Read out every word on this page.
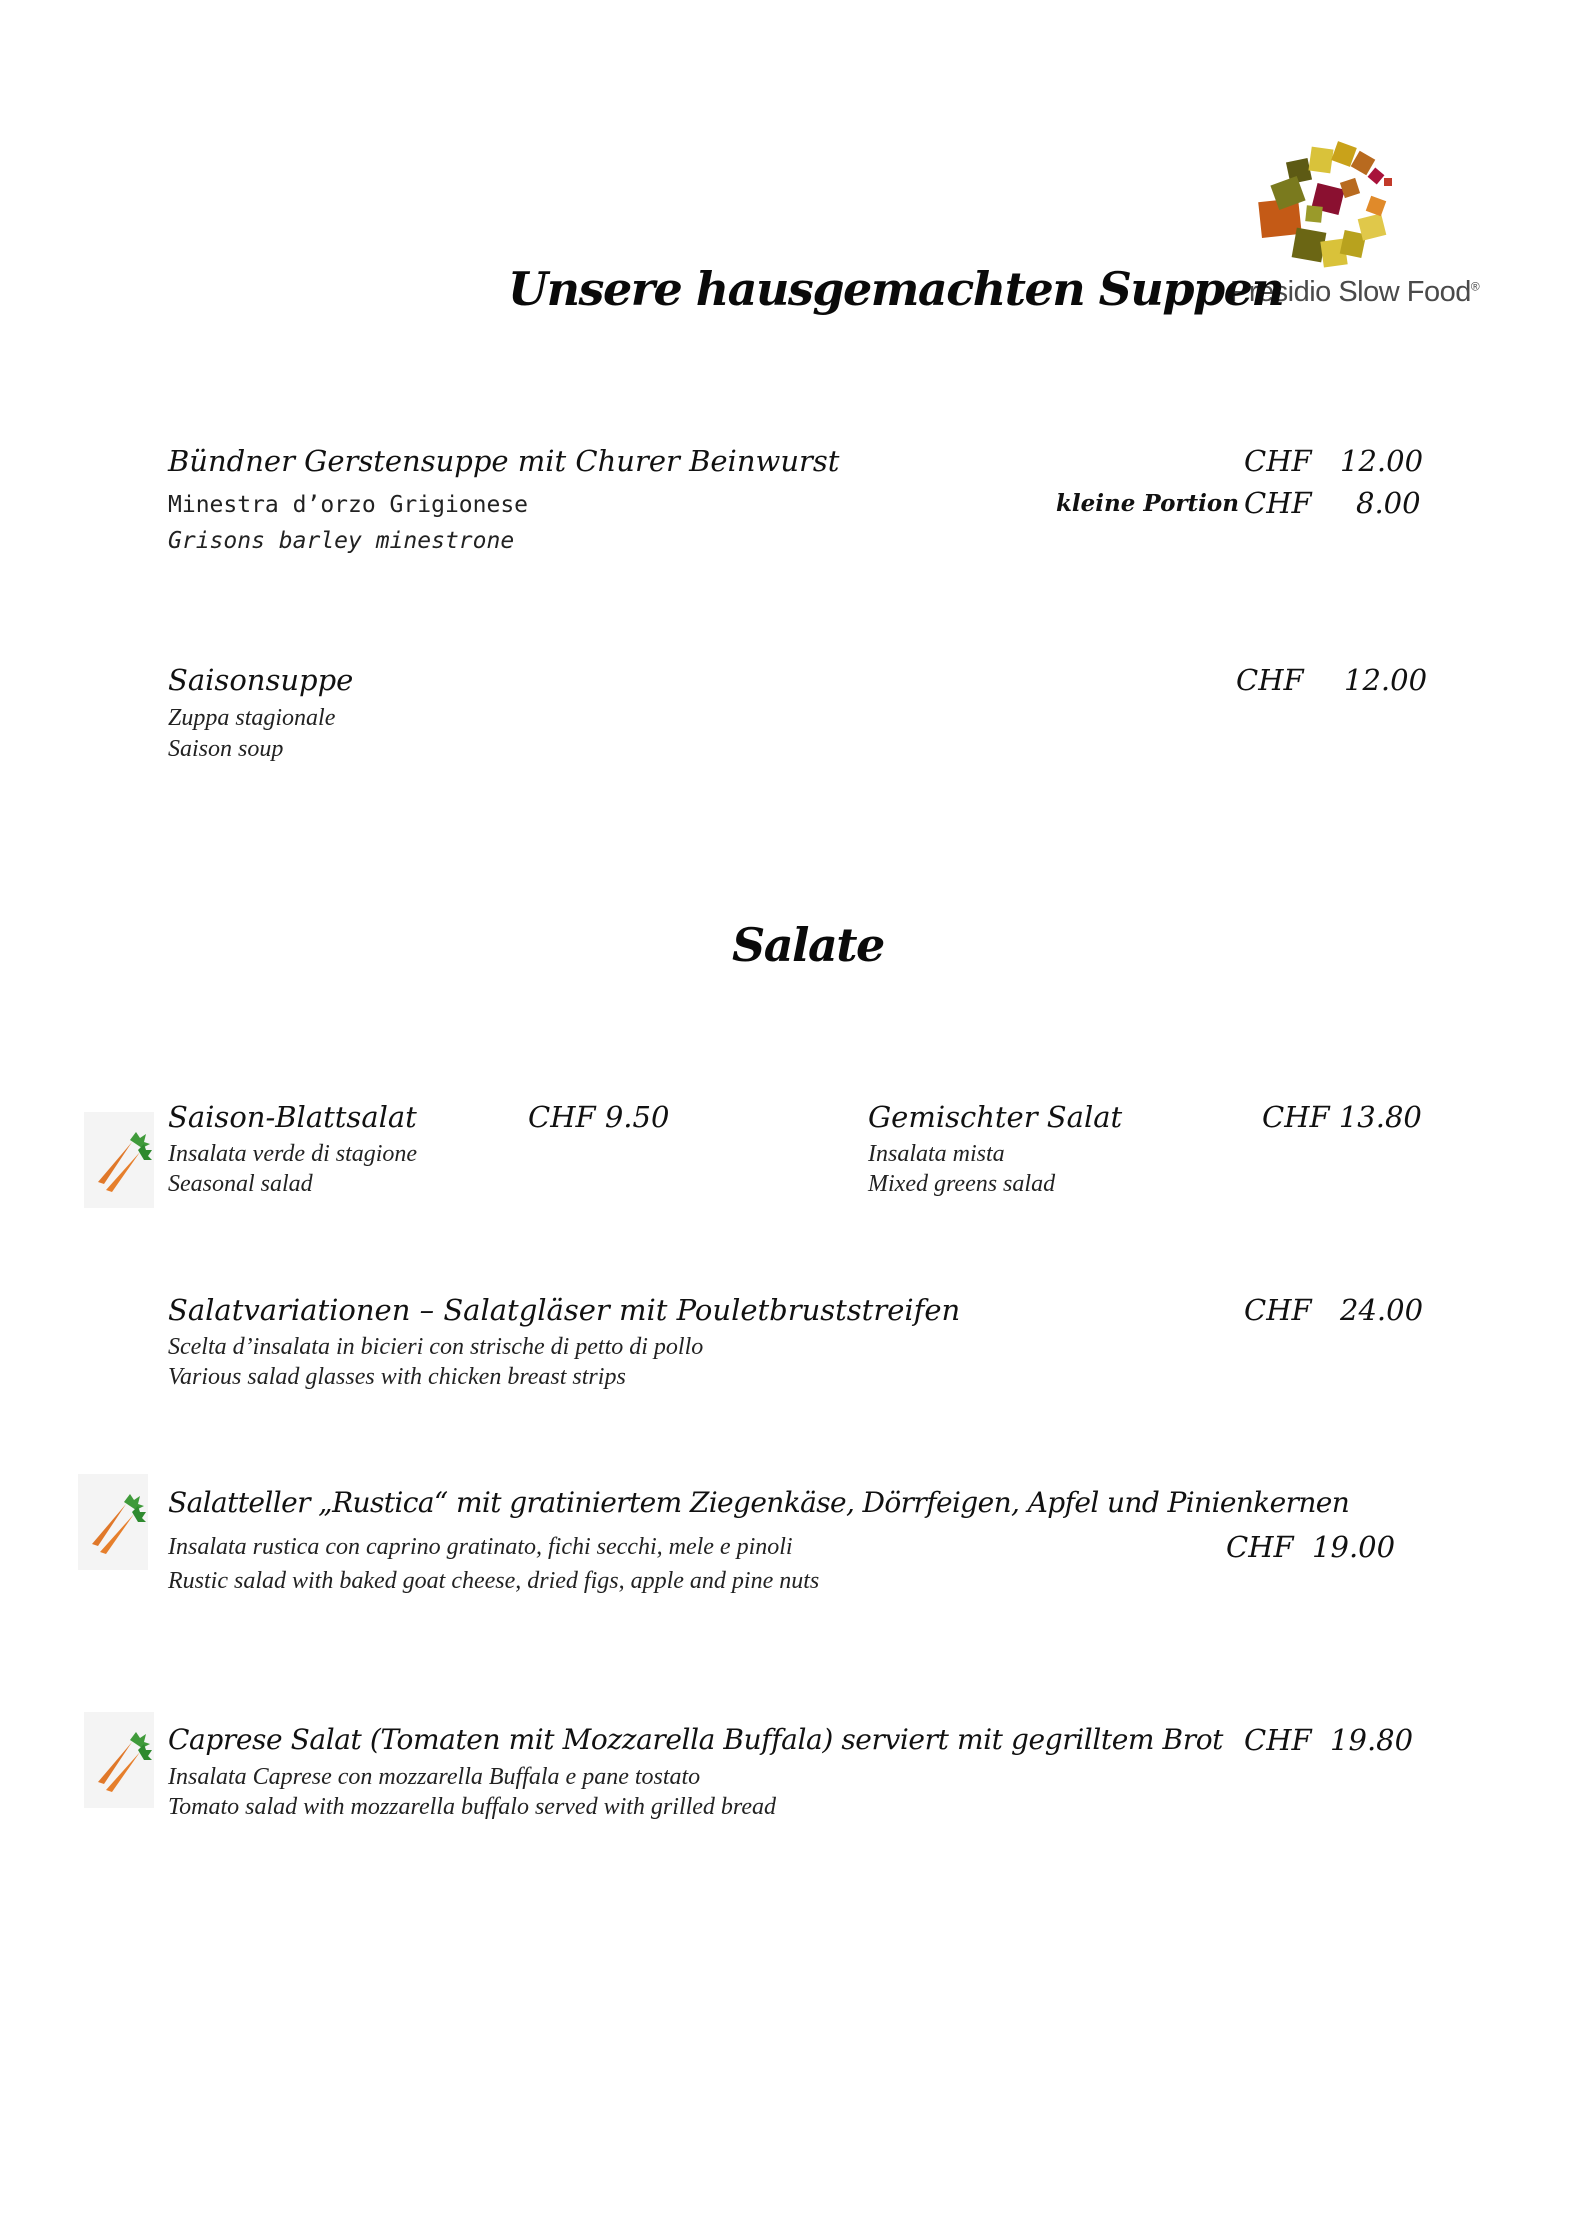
Presidio Slow Food®
Unsere hausgemachten Suppen
Bündner Gerstensuppe mit Churer Beinwurst	CHF 12.00
Minestra d’orzo Grigionese	kleine Portion CHF 8.00
Grisons barley minestrone
Saisonsuppe	CHF 12.00
Zuppa stagionale
Saison soup
Salate
Saison-Blattsalat	CHF 9.50
Insalata verde di stagione
Seasonal salad
Gemischter Salat	CHF 13.80
Insalata mista
Mixed greens salad
Salatvariationen – Salatgläser mit Pouletbruststreifen	CHF 24.00
Scelta d’insalata in bicieri con strische di petto di pollo
Various salad glasses with chicken breast strips
Salatteller „Rustica“ mit gratiniertem Ziegenkäse, Dörrfeigen, Apfel und Pinienkernen
Insalata rustica con caprino gratinato, fichi secchi, mele e pinoli	CHF  19.00
Rustic salad with baked goat cheese, dried figs, apple and pine nuts
Caprese Salat (Tomaten mit Mozzarella Buffala) serviert mit gegrilltem Brot CHF  19.80
Insalata Caprese con mozzarella Buffala e pane tostato
Tomato salad with mozzarella buffalo served with grilled bread
